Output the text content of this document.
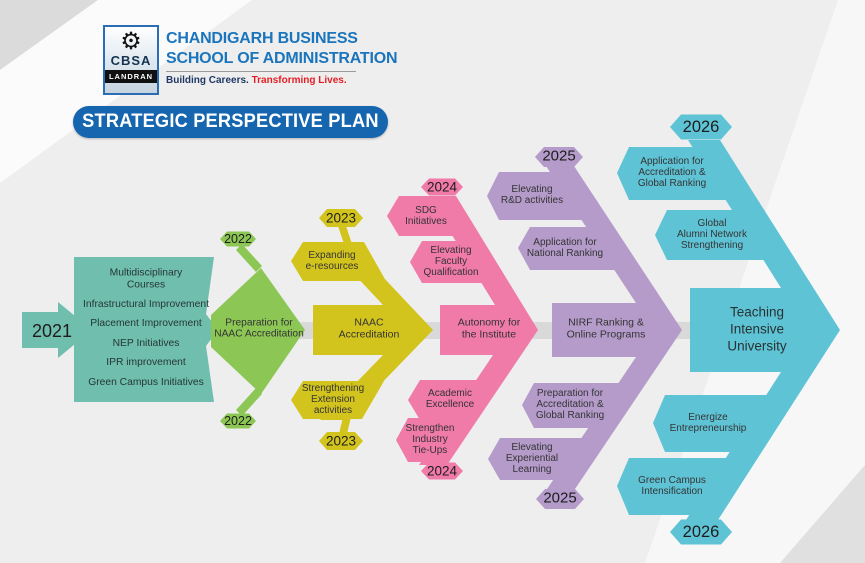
⚙
CBSA
LANDRAN
CHANDIGARH BUSINESS
SCHOOL OF ADMINISTRATION
Building Careers. Transforming Lives.
STRATEGIC PERSPECTIVE PLAN
2021
Multidisciplinary
Courses
Infrastructural Improvement
Placement Improvement
NEP Initiatives
IPR improvement
Green Campus Initiatives
2022
2022
Preparation for
NAAC Accreditation
2023
2023
NAAC
Accreditation
Expanding
e-resources
Strengthening
Extension
activities
2024
2024
Autonomy for
the Institute
SDG
Initiatives
Elevating
Faculty
Qualification
Academic
Excellence
Strengthen
Industry
Tie-Ups
2025
2025
NIRF Ranking &
Online Programs
Elevating
R&D activities
Application for
National Ranking
Preparation for
Accreditation &
Global Ranking
Elevating
Experiential
Learning
2026
2026
Teaching
Intensive
University
Application for
Accreditation &
Global Ranking
Global
Alumni Network
Strengthening
Energize
Entrepreneurship
Green Campus
Intensification
